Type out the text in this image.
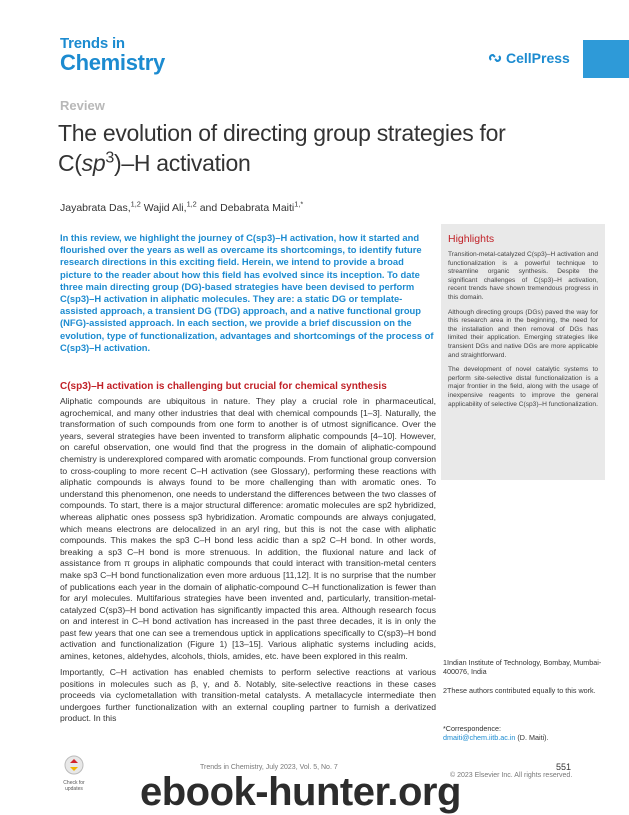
Trends in
Chemistry	CellPress
Review
The evolution of directing group strategies for $C(sp^3)-H$ activation
Jayabrata Das,$^{1,2}$ Wajid Ali,$^{1,2}$ and Debabrata Maiti$^{1,*}$

In this review, we highlight the journey of C(sp3)–H activation, how it started and flourished over the years as well as overcame its shortcomings, to identify future research directions in this exciting field. Herein, we intend to provide a broad picture to the reader about how this field has evolved since its inception. To date three main directing group (DG)-based strategies have been devised to perform C(sp3)–H activation in aliphatic molecules. They are: a static DG or template-assisted approach, a transient DG (TDG) approach, and a native functional group (NFG)-assisted approach. In each section, we provide a brief discussion on the evolution, type of functionalization, advantages and shortcomings of the process of C(sp3)–H activation.

Highlights

Transition-metal-catalyzed C(sp3)–H activation and functionalization is a powerful technique to streamline organic synthesis. Despite the significant challenges of C(sp3)–H activation, recent trends have shown tremendous progress in this domain.

Although directing groups (DGs) paved the way for this research area in the beginning, the need for the installation and then removal of DGs has limited their application. Emerging strategies like transient DGs and native DGs are more applicable and straightforward.

The development of novel catalytic systems to perform site-selective distal functionalization is a major frontier in the field, along with the usage of inexpensive reagents to improve the general applicability of selective C(sp3)–H functionalization.

C(sp3)–H activation is challenging but crucial for chemical synthesis

Aliphatic compounds are ubiquitous in nature. They play a crucial role in pharmaceutical, agrochemical, and many other industries that deal with chemical compounds [1–3]. Naturally, the transformation of such compounds from one form to another is of utmost significance. Over the years, several strategies have been invented to transform aliphatic compounds [4–10]. However, on careful observation, one would find that the progress in the domain of aliphatic-compound chemistry is underexplored compared with aromatic compounds. From functional group conversion to cross-coupling to more recent C–H activation (see Glossary), performing these reactions with aliphatic compounds is always found to be more challenging than with aromatic ones. To understand this phenomenon, one needs to understand the differences between the two classes of compounds. To start, there is a major structural difference: aromatic molecules are sp2 hybridized, whereas aliphatic ones possess sp3 hybridization. Aromatic compounds are always conjugated, which means electrons are delocalized in an aryl ring, but this is not the case with aliphatic compounds. This makes the sp3 C–H bond less acidic than a sp2 C–H bond. In other words, breaking a sp3 C–H bond is more strenuous. In addition, the fluxional nature and lack of assistance from π groups in aliphatic compounds that could interact with transition-metal centers make sp3 C–H bond functionalization even more arduous [11,12]. It is no surprise that the number of publications each year in the domain of aliphatic-compound C–H functionalization is fewer than for aryl molecules. Multifarious strategies have been invented and, particularly, transition-metal-catalyzed C(sp3)–H bond activation has significantly impacted this area. Although research focus on and interest in C–H bond activation has increased in the past three decades, it is in only the past few years that one can see a tremendous uptick in applications specifically to C(sp3)–H bond activation and functionalization (Figure 1) [13–15]. Various aliphatic systems including acids, amines, ketones, aldehydes, alcohols, thiols, amides, etc. have been explored in this realm.

Importantly, C–H activation has enabled chemists to perform selective reactions at various positions in molecules such as β, γ, and δ. Notably, site-selective reactions in these cases proceeds via cyclometallation with transition-metal catalysts. A metallacycle intermediate then undergoes further functionalization with an external coupling partner to furnish a derivatized product. In this

1Indian Institute of Technology, Bombay, Mumbai-400076, India

2These authors contributed equally to this work.

*Correspondence:
dmaiti@chem.iitb.ac.in (D. Maiti).

Check for
updates
Trends in Chemistry, July 2023, Vol. 5, No. 7
© 2023 Elsevier Inc. All rights reserved.
551
ebook-hunter.org
